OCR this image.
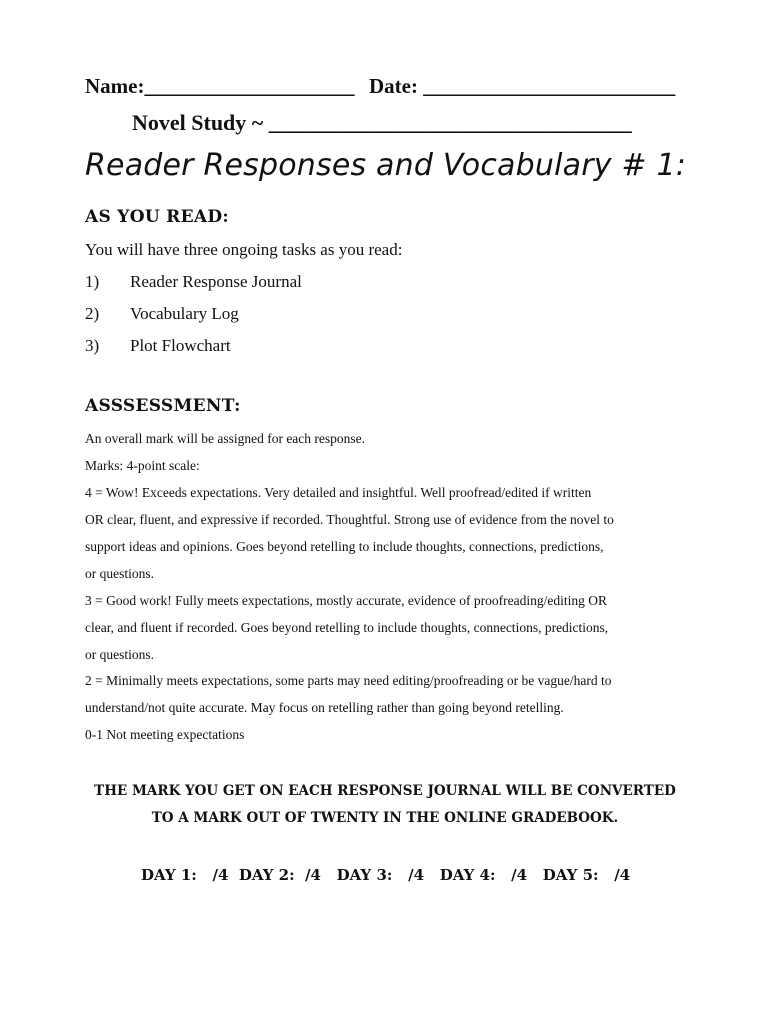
Name:____________________ Date: ________________________
Novel Study ~ _________________________________
Reader Responses and Vocabulary # 1:
AS YOU READ:
You will have three ongoing tasks as you read:
1) Reader Response Journal
2) Vocabulary Log
3) Plot Flowchart
ASSSESSMENT:
An overall mark will be assigned for each response.
Marks: 4-point scale:
4 = Wow! Exceeds expectations. Very detailed and insightful. Well proofread/edited if written
OR clear, fluent, and expressive if recorded. Thoughtful. Strong use of evidence from the novel to
support ideas and opinions. Goes beyond retelling to include thoughts, connections, predictions,
or questions.
3 = Good work! Fully meets expectations, mostly accurate, evidence of proofreading/editing OR
clear, and fluent if recorded. Goes beyond retelling to include thoughts, connections, predictions,
or questions.
2 = Minimally meets expectations, some parts may need editing/proofreading or be vague/hard to
understand/not quite accurate. May focus on retelling rather than going beyond retelling.
0-1 Not meeting expectations
THE MARK YOU GET ON EACH RESPONSE JOURNAL WILL BE CONVERTED
TO A MARK OUT OF TWENTY IN THE ONLINE GRADEBOOK.
DAY 1:   /4  DAY 2:  /4   DAY 3:   /4   DAY 4:   /4   DAY 5:   /4
